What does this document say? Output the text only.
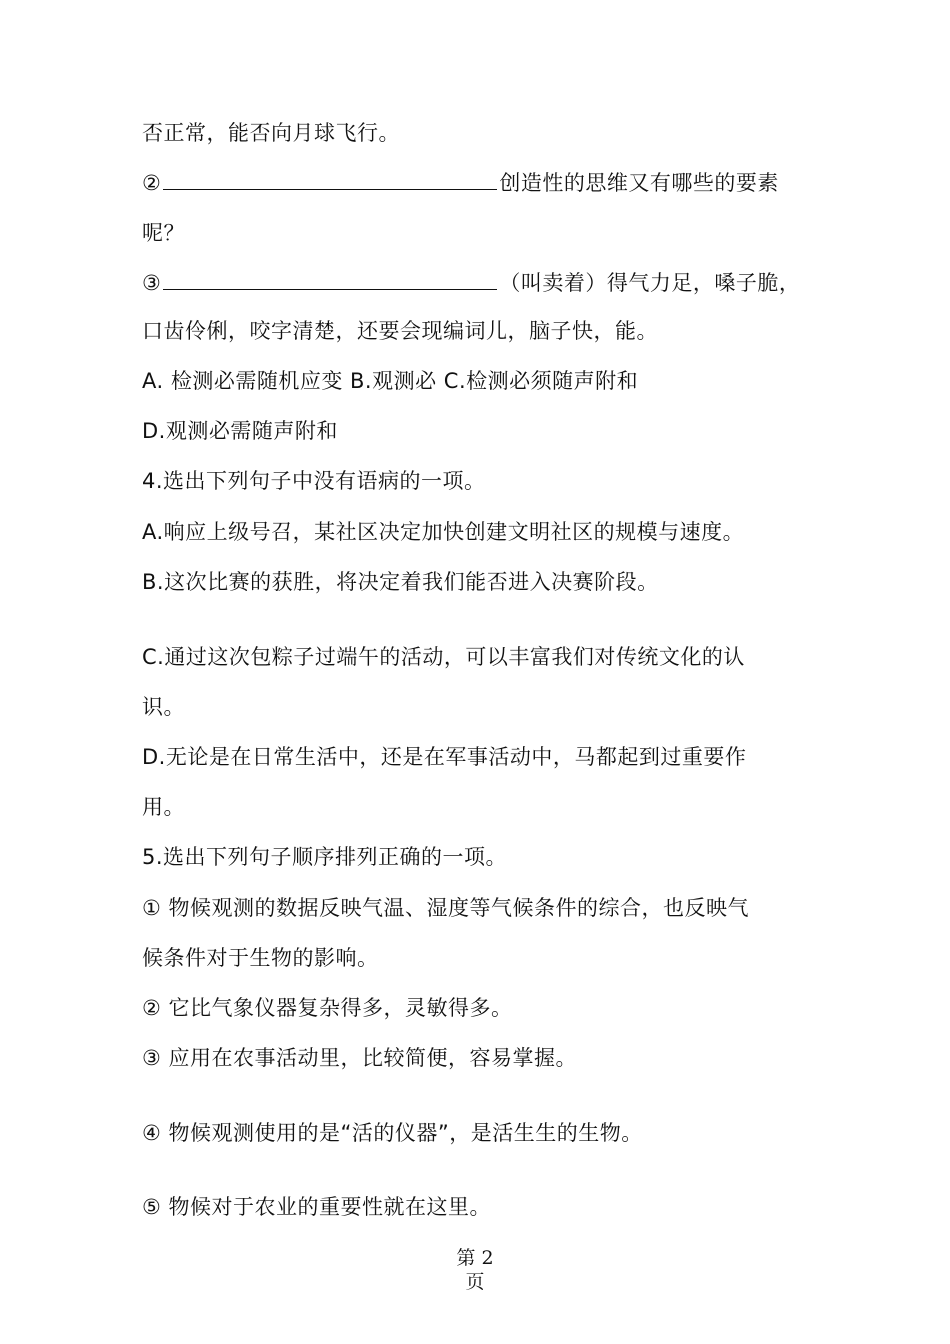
否正常，能否向月球飞行。
②	创造性的思维又有哪些的要素
呢？
③	（叫卖着）得气力足，嗓子脆，
口齿伶俐，咬字清楚，还要会现编词儿，脑子快，能。
A. 检测必需随机应变 B.观测必 C.检测必须随声附和
D.观测必需随声附和
4.选出下列句子中没有语病的一项。
A.响应上级号召，某社区决定加快创建文明社区的规模与速度。
B.这次比赛的获胜，将决定着我们能否进入决赛阶段。
C.通过这次包粽子过端午的活动，可以丰富我们对传统文化的认
识。
D.无论是在日常生活中，还是在军事活动中，马都起到过重要作
用。
5.选出下列句子顺序排列正确的一项。
① 物候观测的数据反映气温、湿度等气候条件的综合，也反映气
候条件对于生物的影响。
② 它比气象仪器复杂得多，灵敏得多。
③ 应用在农事活动里，比较简便，容易掌握。
④ 物候观测使用的是“活的仪器”，是活生生的生物。
⑤ 物候对于农业的重要性就在这里。
第 2
页
